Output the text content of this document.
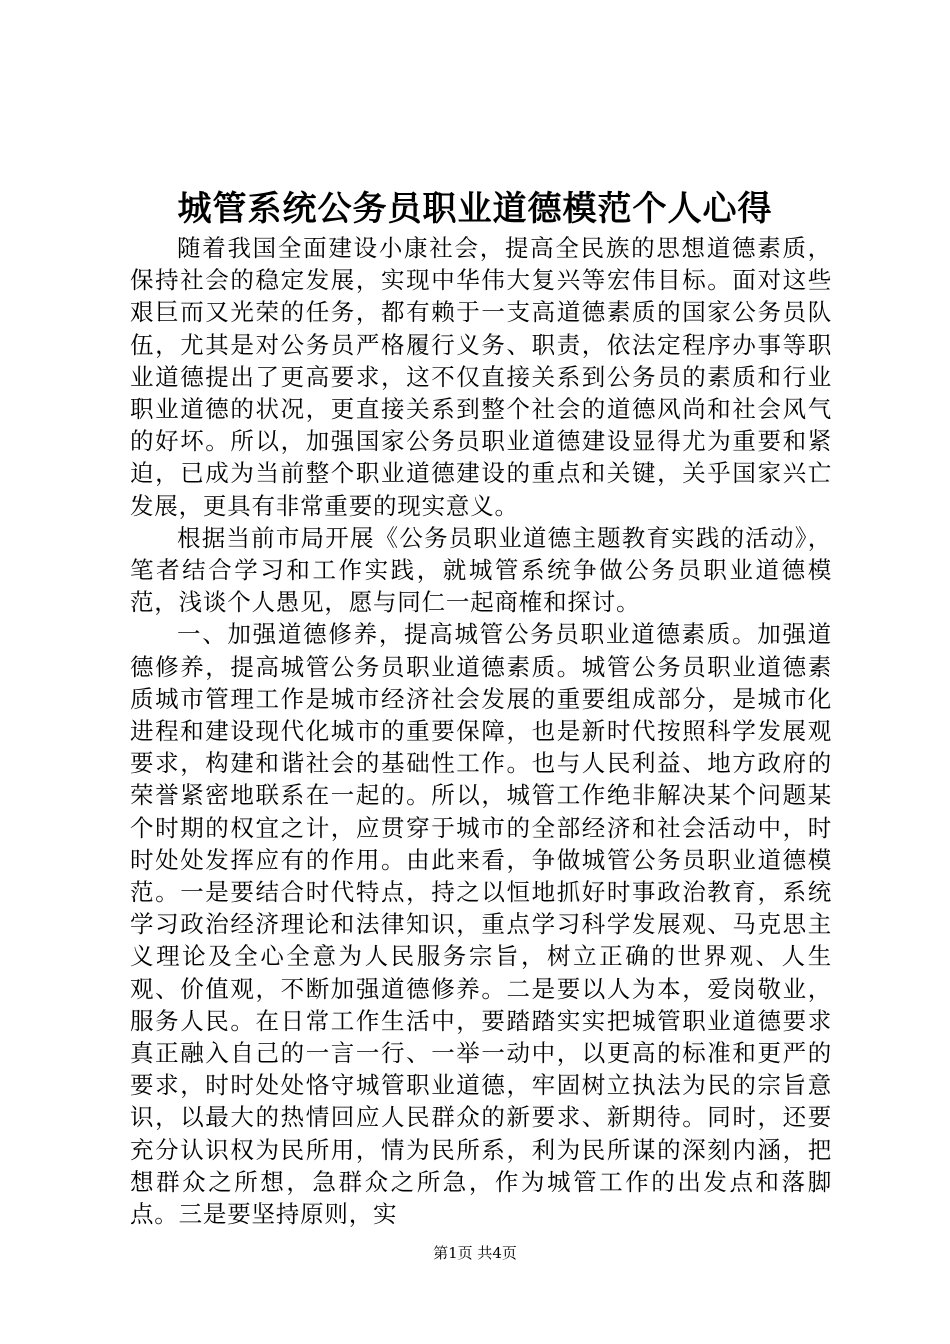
城管系统公务员职业道德模范个人心得

随着我国全面建设小康社会，提高全民族的思想道德素质，保持社会的稳定发展，实现中华伟大复兴等宏伟目标。面对这些艰巨而又光荣的任务，都有赖于一支高道德素质的国家公务员队伍，尤其是对公务员严格履行义务、职责，依法定程序办事等职业道德提出了更高要求，这不仅直接关系到公务员的素质和行业职业道德的状况，更直接关系到整个社会的道德风尚和社会风气的好坏。所以，加强国家公务员职业道德建设显得尤为重要和紧迫，已成为当前整个职业道德建设的重点和关键，关乎国家兴亡发展，更具有非常重要的现实意义。

根据当前市局开展《公务员职业道德主题教育实践的活动》，笔者结合学习和工作实践，就城管系统争做公务员职业道德模范，浅谈个人愚见，愿与同仁一起商榷和探讨。

一、加强道德修养，提高城管公务员职业道德素质。加强道德修养，提高城管公务员职业道德素质。城管公务员职业道德素质城市管理工作是城市经济社会发展的重要组成部分，是城市化进程和建设现代化城市的重要保障，也是新时代按照科学发展观要求，构建和谐社会的基础性工作。也与人民利益、地方政府的荣誉紧密地联系在一起的。所以，城管工作绝非解决某个问题某个时期的权宜之计，应贯穿于城市的全部经济和社会活动中，时时处处发挥应有的作用。由此来看，争做城管公务员职业道德模范。一是要结合时代特点，持之以恒地抓好时事政治教育，系统学习政治经济理论和法律知识，重点学习科学发展观、马克思主义理论及全心全意为人民服务宗旨，树立正确的世界观、人生观、价值观，不断加强道德修养。二是要以人为本，爱岗敬业，服务人民。在日常工作生活中，要踏踏实实把城管职业道德要求真正融入自己的一言一行、一举一动中，以更高的标准和更严的要求，时时处处恪守城管职业道德，牢固树立执法为民的宗旨意识，以最大的热情回应人民群众的新要求、新期待。同时，还要充分认识权为民所用，情为民所系，利为民所谋的深刻内涵，把想群众之所想，急群众之所急，作为城管工作的出发点和落脚点。三是要坚持原则，实

第1页 共4页
